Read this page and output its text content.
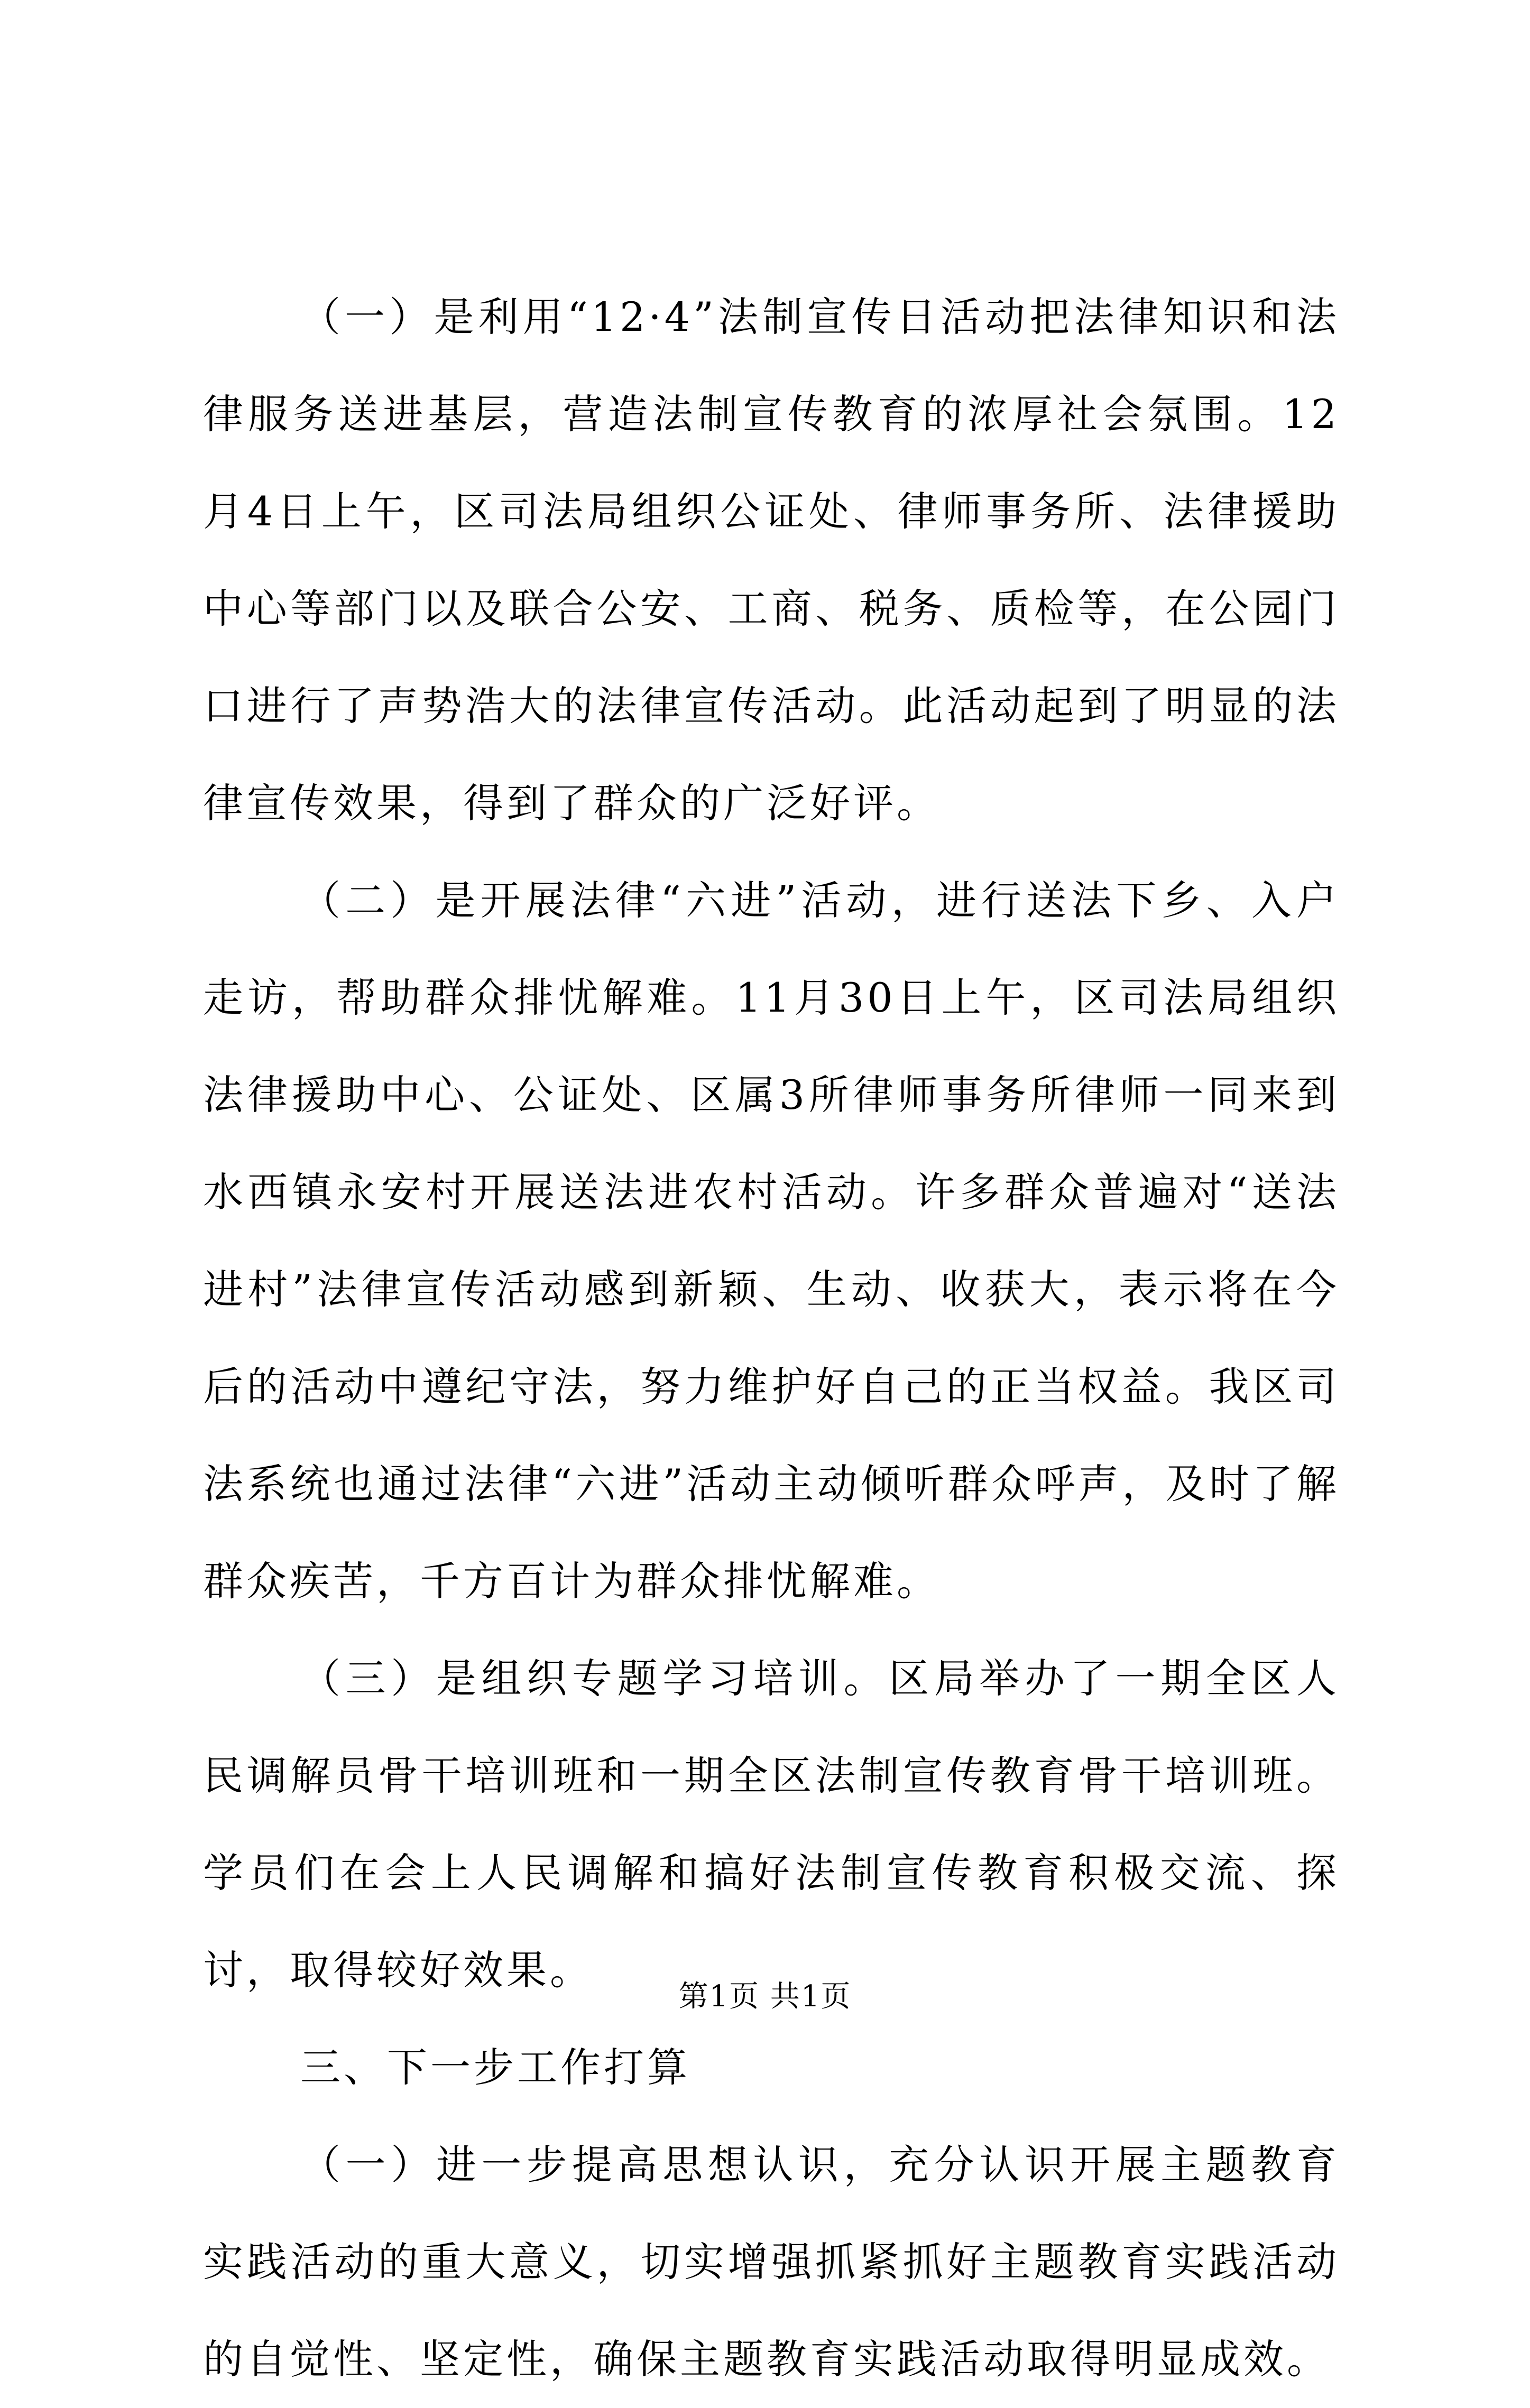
（一）是利用“12·4”法制宣传日活动把法律知识和法律服务送进基层，营造法制宣传教育的浓厚社会氛围。12月4日上午，区司法局组织公证处、律师事务所、法律援助中心等部门以及联合公安、工商、税务、质检等，在公园门口进行了声势浩大的法律宣传活动。此活动起到了明显的法律宣传效果，得到了群众的广泛好评。

（二）是开展法律“六进”活动，进行送法下乡、入户走访，帮助群众排忧解难。11月30日上午，区司法局组织法律援助中心、公证处、区属3所律师事务所律师一同来到水西镇永安村开展送法进农村活动。许多群众普遍对“送法进村”法律宣传活动感到新颖、生动、收获大，表示将在今后的活动中遵纪守法，努力维护好自己的正当权益。我区司法系统也通过法律“六进”活动主动倾听群众呼声，及时了解群众疾苦，千方百计为群众排忧解难。

（三）是组织专题学习培训。区局举办了一期全区人民调解员骨干培训班和一期全区法制宣传教育骨干培训班。学员们在会上人民调解和搞好法制宣传教育积极交流、探讨，取得较好效果。

三、下一步工作打算

（一）进一步提高思想认识，充分认识开展主题教育实践活动的重大意义，切实增强抓紧抓好主题教育实践活动的自觉性、坚定性，确保主题教育实践活动取得明显成效。

第1页 共1页
